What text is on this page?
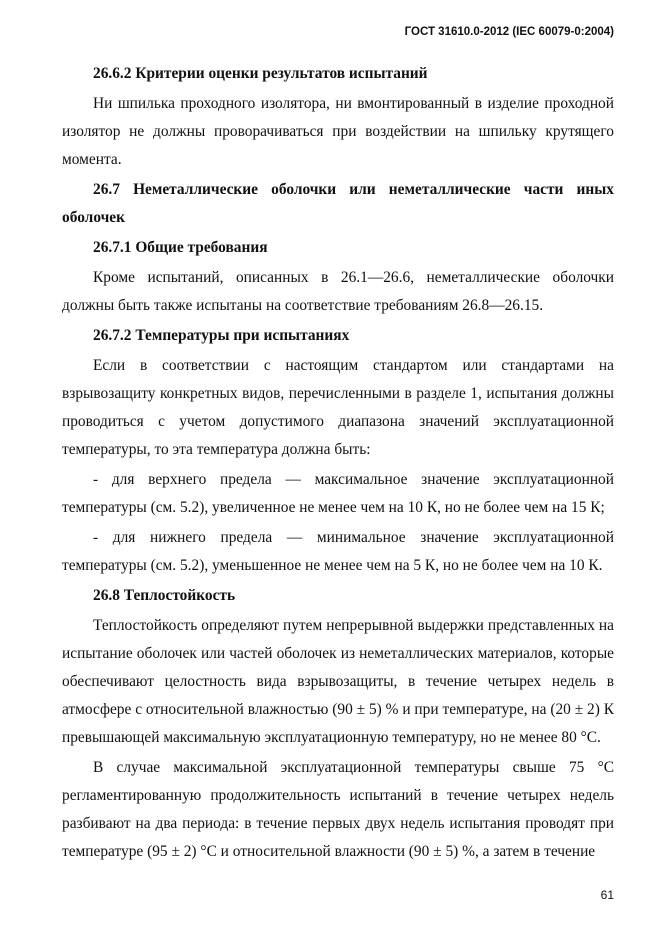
ГОСТ 31610.0-2012 (IEC 60079-0:2004)

26.6.2 Критерии оценки результатов испытаний

Ни шпилька проходного изолятора, ни вмонтированный в изделие проходной изолятор не должны проворачиваться при воздействии на шпильку крутящего момента.

26.7 Неметаллические оболочки или неметаллические части иных оболочек

26.7.1 Общие требования

Кроме испытаний, описанных в 26.1—26.6, неметаллические оболочки должны быть также испытаны на соответствие требованиям 26.8—26.15.

26.7.2 Температуры при испытаниях

Если в соответствии с настоящим стандартом или стандартами на взрывозащиту конкретных видов, перечисленными в разделе 1, испытания должны проводиться с учетом допустимого диапазона значений эксплуатационной температуры, то эта температура должна быть:

- для верхнего предела — максимальное значение эксплуатационной температуры (см. 5.2), увеличенное не менее чем на 10 К, но не более чем на 15 К;

- для нижнего предела — минимальное значение эксплуатационной температуры (см. 5.2), уменьшенное не менее чем на 5 К, но не более чем на 10 К.

26.8 Теплостойкость

Теплостойкость определяют путем непрерывной выдержки представленных на испытание оболочек или частей оболочек из неметаллических материалов, которые обеспечивают целостность вида взрывозащиты, в течение четырех недель в атмосфере с относительной влажностью (90 ± 5) % и при температуре, на (20 ± 2) К превышающей максимальную эксплуатационную температуру, но не менее 80 °С.

В случае максимальной эксплуатационной температуры свыше 75 °С регламентированную продолжительность испытаний в течение четырех недель разбивают на два периода: в течение первых двух недель испытания проводят при температуре (95 ± 2) °С и относительной влажности (90 ± 5) %, а затем в течение

61
